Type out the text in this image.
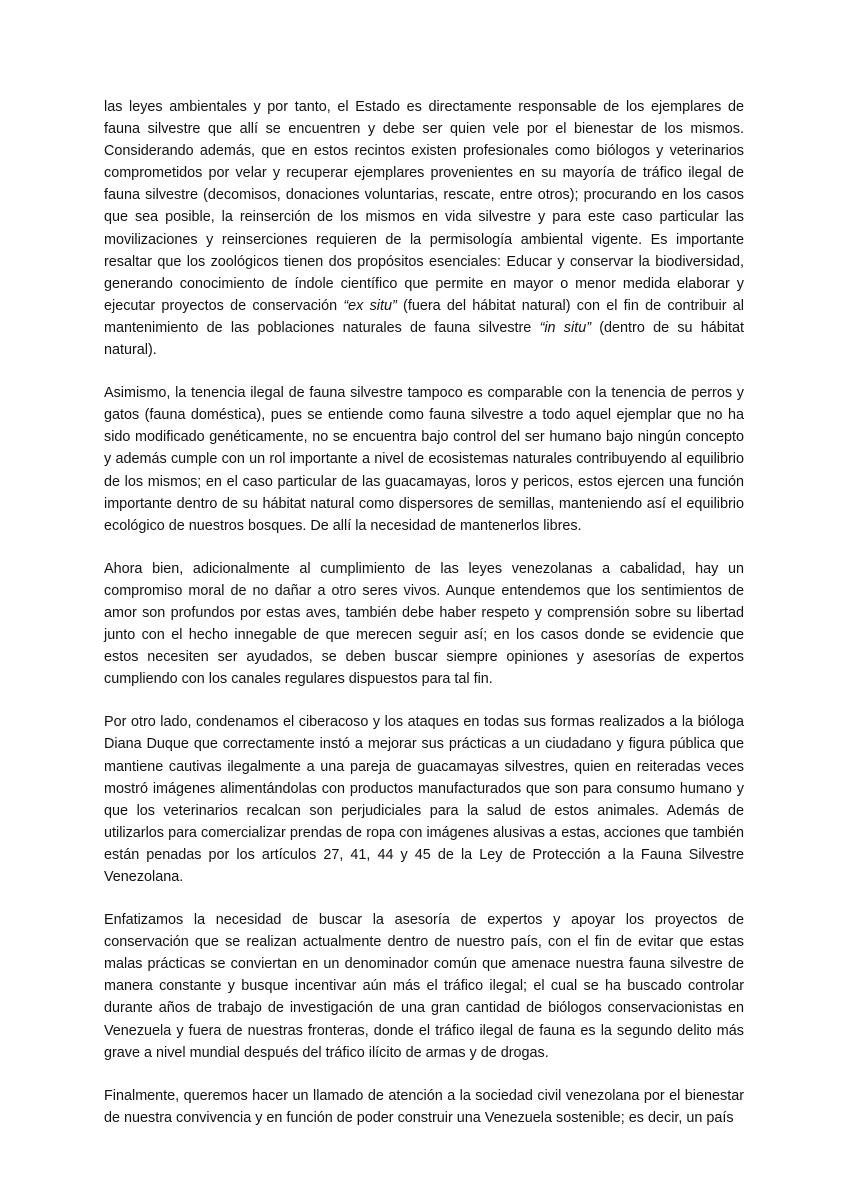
las leyes ambientales y por tanto, el Estado es directamente responsable de los ejemplares de fauna silvestre que allí se encuentren y debe ser quien vele por el bienestar de los mismos. Considerando además, que en estos recintos existen profesionales como biólogos y veterinarios comprometidos por velar y recuperar ejemplares provenientes en su mayoría de tráfico ilegal de fauna silvestre (decomisos, donaciones voluntarias, rescate, entre otros); procurando en los casos que sea posible, la reinserción de los mismos en vida silvestre y para este caso particular las movilizaciones y reinserciones requieren de la permisología ambiental vigente. Es importante resaltar que los zoológicos tienen dos propósitos esenciales: Educar y conservar la biodiversidad, generando conocimiento de índole científico que permite en mayor o menor medida elaborar y ejecutar proyectos de conservación “ex situ” (fuera del hábitat natural) con el fin de contribuir al mantenimiento de las poblaciones naturales de fauna silvestre “in situ” (dentro de su hábitat natural).

Asimismo, la tenencia ilegal de fauna silvestre tampoco es comparable con la tenencia de perros y gatos (fauna doméstica), pues se entiende como fauna silvestre a todo aquel ejemplar que no ha sido modificado genéticamente, no se encuentra bajo control del ser humano bajo ningún concepto y además cumple con un rol importante a nivel de ecosistemas naturales contribuyendo al equilibrio de los mismos; en el caso particular de las guacamayas, loros y pericos, estos ejercen una función importante dentro de su hábitat natural como dispersores de semillas, manteniendo así el equilibrio ecológico de nuestros bosques. De allí la necesidad de mantenerlos libres.

Ahora bien, adicionalmente al cumplimiento de las leyes venezolanas a cabalidad, hay un compromiso moral de no dañar a otro seres vivos. Aunque entendemos que los sentimientos de amor son profundos por estas aves, también debe haber respeto y comprensión sobre su libertad junto con el hecho innegable de que merecen seguir así; en los casos donde se evidencie que estos necesiten ser ayudados, se deben buscar siempre opiniones y asesorías de expertos cumpliendo con los canales regulares dispuestos para tal fin.

Por otro lado, condenamos el ciberacoso y los ataques en todas sus formas realizados a la bióloga Diana Duque que correctamente instó a mejorar sus prácticas a un ciudadano y figura pública que mantiene cautivas ilegalmente a una pareja de guacamayas silvestres, quien en reiteradas veces mostró imágenes alimentándolas con productos manufacturados que son para consumo humano y que los veterinarios recalcan son perjudiciales para la salud de estos animales. Además de utilizarlos para comercializar prendas de ropa con imágenes alusivas a estas, acciones que también están penadas por los artículos 27, 41, 44 y 45 de la Ley de Protección a la Fauna Silvestre Venezolana.

Enfatizamos la necesidad de buscar la asesoría de expertos y apoyar los proyectos de conservación que se realizan actualmente dentro de nuestro país, con el fin de evitar que estas malas prácticas se conviertan en un denominador común que amenace nuestra fauna silvestre de manera constante y busque incentivar aún más el tráfico ilegal; el cual se ha buscado controlar durante años de trabajo de investigación de una gran cantidad de biólogos conservacionistas en Venezuela y fuera de nuestras fronteras, donde el tráfico ilegal de fauna es la segundo delito más grave a nivel mundial después del tráfico ilícito de armas y de drogas.

Finalmente, queremos hacer un llamado de atención a la sociedad civil venezolana por el bienestar de nuestra convivencia y en función de poder construir una Venezuela sostenible; es decir, un país
